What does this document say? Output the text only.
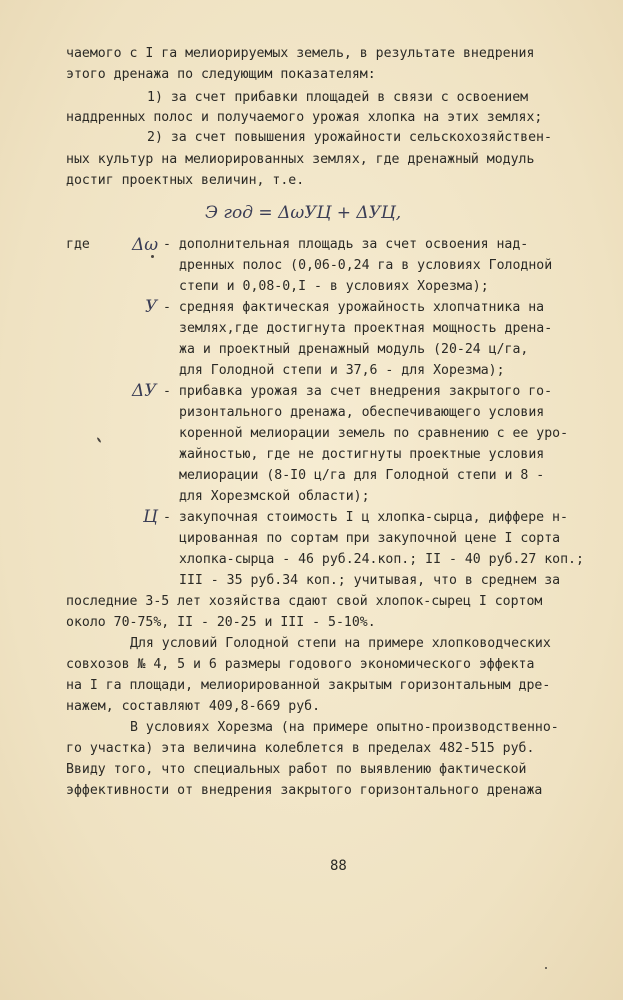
чаемого с I га мелиорируемых земель, в результате внедрения
этого дренажа по следующим показателям:
1) за счет прибавки площадей в связи с освоением
наддренных полос и получаемого урожая хлопка на этих землях;
2) за счет повышения урожайности сельскохозяйствен-
ных культур на мелиорированных землях, где дренажный модуль
достиг проектных величин, т.е.
Э год = ΔωУЦ + ΔУЦ,
где Δω - дополнительная площадь за счет освоения над-
дренных полос (0,06-0,24 га в условиях Голодной
степи и 0,08-0,I - в условиях Хорезма);
У - средняя фактическая урожайность хлопчатника на
землях,где достигнута проектная мощность дрена-
жа и проектный дренажный модуль (20-24 ц/га,
для Голодной степи и 37,6 - для Хорезма);
ΔУ - прибавка урожая за счет внедрения закрытого го-
ризонтального дренажа, обеспечивающего условия
коренной мелиорации земель по сравнению с ее уро-
жайностью, где не достигнуты проектные условия
мелиорации (8-I0 ц/га для Голодной степи и 8 -
для Хорезмской области);
Ц - закупочная стоимость I ц хлопка-сырца, диффере н-
цированная по сортам при закупочной цене I сорта
хлопка-сырца - 46 руб.24.коп.; II - 40 руб.27 коп.;
III - 35 руб.34 коп.; учитывая, что в среднем за
последние 3-5 лет хозяйства сдают свой хлопок-сырец I сортом
около 70-75%, II - 20-25 и III - 5-10%.
Для условий Голодной степи на примере хлопководческих
совхозов № 4, 5 и 6 размеры годового экономического эффекта
на I га площади, мелиорированной закрытым горизонтальным дре-
нажем, составляют 409,8-669 руб.
В условиях Хорезма (на примере опытно-производственно-
го участка) эта величина колеблется в пределах 482-515 руб.
Ввиду того, что специальных работ по выявлению фактической
эффективности от внедрения закрытого горизонтального дренажа
88
